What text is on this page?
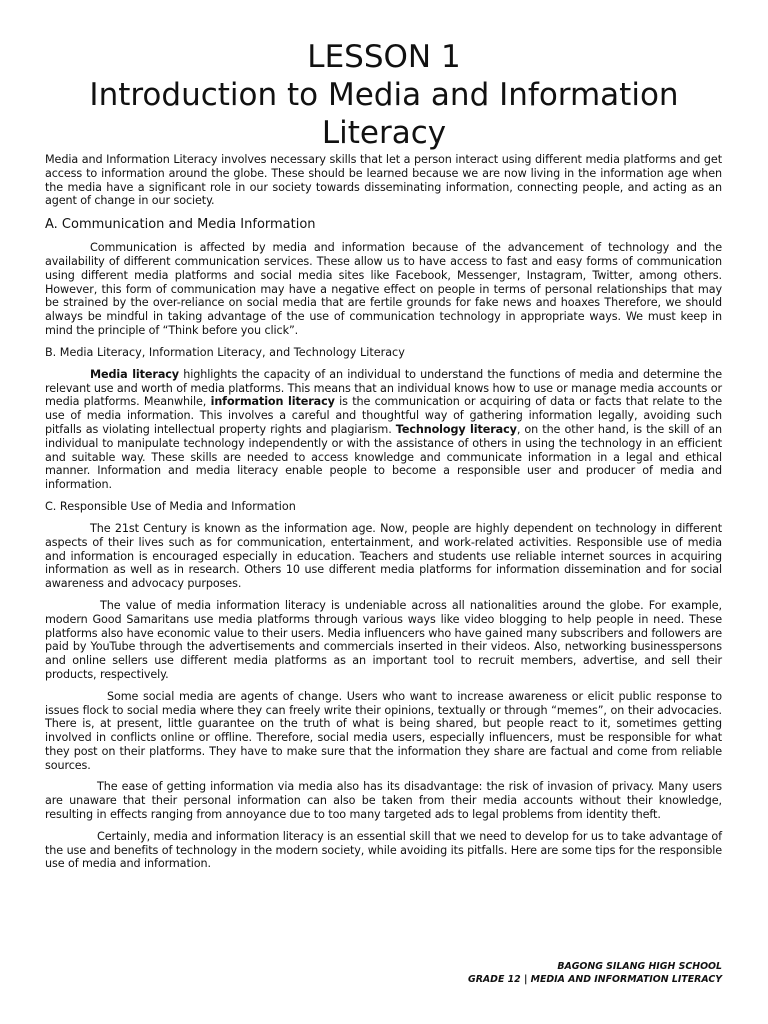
LESSON 1
Introduction to Media and Information
Literacy

Media and Information Literacy involves necessary skills that let a person interact using different media platforms and get access to information around the globe. These should be learned because we are now living in the information age when the media have a significant role in our society towards disseminating information, connecting people, and acting as an agent of change in our society.

A. Communication and Media Information

Communication is affected by media and information because of the advancement of technology and the availability of different communication services. These allow us to have access to fast and easy forms of communication using different media platforms and social media sites like Facebook, Messenger, Instagram, Twitter, among others. However, this form of communication may have a negative effect on people in terms of personal relationships that may be strained by the over-reliance on social media that are fertile grounds for fake news and hoaxes Therefore, we should always be mindful in taking advantage of the use of communication technology in appropriate ways. We must keep in mind the principle of “Think before you click”.

B. Media Literacy, Information Literacy, and Technology Literacy

Media literacy highlights the capacity of an individual to understand the functions of media and determine the relevant use and worth of media platforms. This means that an individual knows how to use or manage media accounts or media platforms. Meanwhile, information literacy is the communication or acquiring of data or facts that relate to the use of media information. This involves a careful and thoughtful way of gathering information legally, avoiding such pitfalls as violating intellectual property rights and plagiarism. Technology literacy, on the other hand, is the skill of an individual to manipulate technology independently or with the assistance of others in using the technology in an efficient and suitable way. These skills are needed to access knowledge and communicate information in a legal and ethical manner. Information and media literacy enable people to become a responsible user and producer of media and information.

C. Responsible Use of Media and Information

The 21st Century is known as the information age. Now, people are highly dependent on technology in different aspects of their lives such as for communication, entertainment, and work-related activities. Responsible use of media and information is encouraged especially in education. Teachers and students use reliable internet sources in acquiring information as well as in research. Others 10 use different media platforms for information dissemination and for social awareness and advocacy purposes.

The value of media information literacy is undeniable across all nationalities around the globe. For example, modern Good Samaritans use media platforms through various ways like video blogging to help people in need. These platforms also have economic value to their users. Media influencers who have gained many subscribers and followers are paid by YouTube through the advertisements and commercials inserted in their videos. Also, networking businesspersons and online sellers use different media platforms as an important tool to recruit members, advertise, and sell their products, respectively.

Some social media are agents of change. Users who want to increase awareness or elicit public response to issues flock to social media where they can freely write their opinions, textually or through “memes”, on their advocacies. There is, at present, little guarantee on the truth of what is being shared, but people react to it, sometimes getting involved in conflicts online or offline. Therefore, social media users, especially influencers, must be responsible for what they post on their platforms. They have to make sure that the information they share are factual and come from reliable sources.

The ease of getting information via media also has its disadvantage: the risk of invasion of privacy. Many users are unaware that their personal information can also be taken from their media accounts without their knowledge, resulting in effects ranging from annoyance due to too many targeted ads to legal problems from identity theft.

Certainly, media and information literacy is an essential skill that we need to develop for us to take advantage of the use and benefits of technology in the modern society, while avoiding its pitfalls. Here are some tips for the responsible use of media and information.

BAGONG SILANG HIGH SCHOOL
GRADE 12 | MEDIA AND INFORMATION LITERACY
